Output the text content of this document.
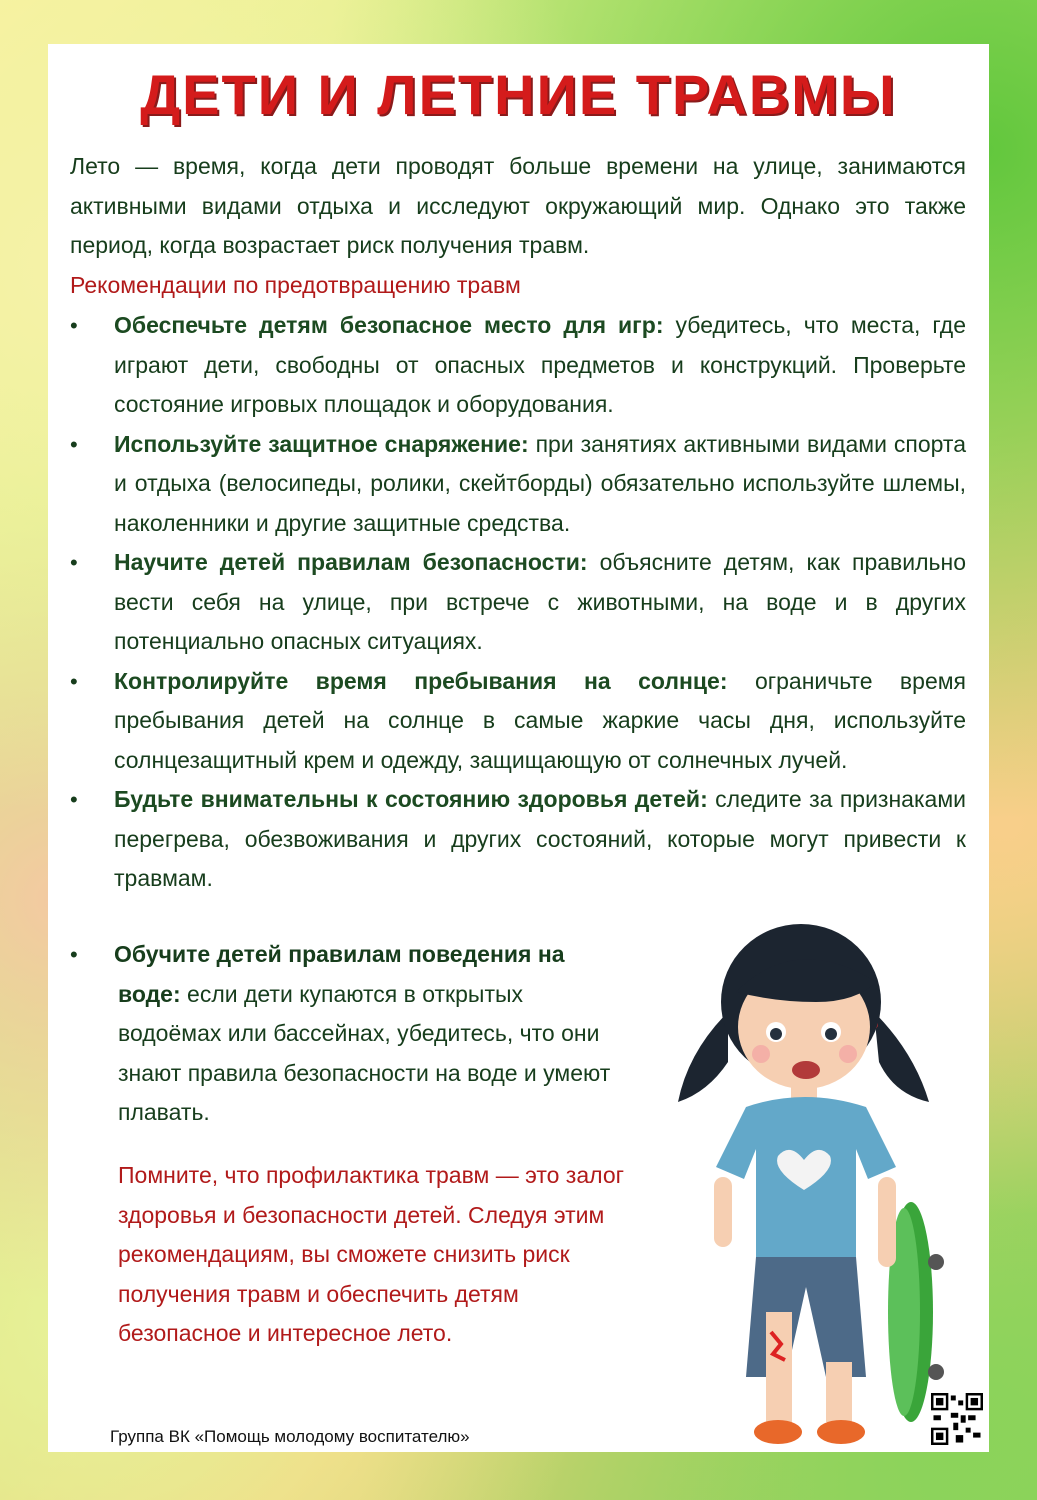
ДЕТИ И ЛЕТНИЕ ТРАВМЫ
Лето — время, когда дети проводят больше времени на улице, занимаются активными видами отдыха и исследуют окружающий мир. Однако это также период, когда возрастает риск получения травм.
Рекомендации по предотвращению травм
•	Обеспечьте детям безопасное место для игр: убедитесь, что места, где играют дети, свободны от опасных предметов и конструкций. Проверьте состояние игровых площадок и оборудования.
•	Используйте защитное снаряжение: при занятиях активными видами спорта и отдыха (велосипеды, ролики, скейтборды) обязательно используйте шлемы, наколенники и другие защитные средства.
•	Научите детей правилам безопасности: объясните детям, как правильно вести себя на улице, при встрече с животными, на воде и в других потенциально опасных ситуациях.
•	Контролируйте время пребывания на солнце: ограничьте время пребывания детей на солнце в самые жаркие часы дня, используйте солнцезащитный крем и одежду, защищающую от солнечных лучей.
•	Будьте внимательны к состоянию здоровья детей: следите за признаками перегрева, обезвоживания и других состояний, которые могут привести к травмам.
•	Обучите детей правилам поведения на
воде: если дети купаются в открытых водоёмах или бассейнах, убедитесь, что они знают правила безопасности на воде и умеют плавать.
Помните, что профилактика травм — это залог здоровья и безопасности детей. Следуя этим рекомендациям, вы сможете снизить риск получения травм и обеспечить детям безопасное и интересное лето.
Группа ВК «Помощь молодому воспитателю»
